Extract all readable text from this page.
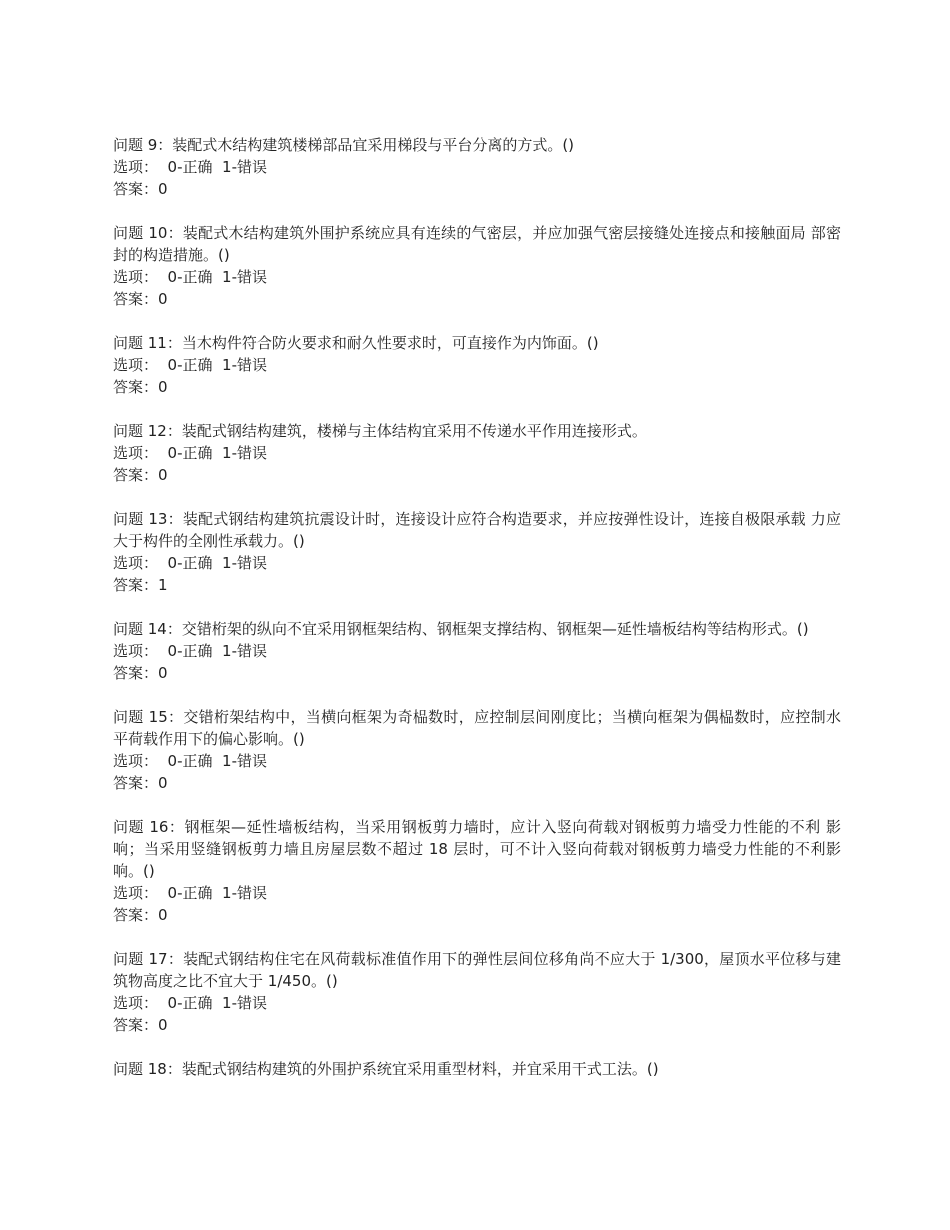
问题 9：装配式木结构建筑楼梯部品宜采用梯段与平台分离的方式。()
选项：  0-正确  1-错误
答案：0
问题 10：装配式木结构建筑外围护系统应具有连续的气密层，并应加强气密层接缝处连接点和接触面局 部密封的构造措施。()
选项：  0-正确  1-错误
答案：0
问题 11：当木构件符合防火要求和耐久性要求时，可直接作为内饰面。()
选项：  0-正确  1-错误
答案：0
问题 12：装配式钢结构建筑，楼梯与主体结构宜采用不传递水平作用连接形式。
选项：  0-正确  1-错误
答案：0
问题 13：装配式钢结构建筑抗震设计时，连接设计应符合构造要求，并应按弹性设计，连接自极限承载 力应大于构件的全刚性承载力。()
选项：  0-正确  1-错误
答案：1
问题 14：交错桁架的纵向不宜采用钢框架结构、钢框架支撑结构、钢框架—延性墙板结构等结构形式。()
选项：  0-正确  1-错误
答案：0
问题 15：交错桁架结构中，当横向框架为奇榀数时，应控制层间刚度比；当横向框架为偶榀数时，应控制水平荷载作用下的偏心影响。()
选项：  0-正确  1-错误
答案：0
问题 16：钢框架—延性墙板结构，当采用钢板剪力墙时，应计入竖向荷载对钢板剪力墙受力性能的不利 影响；当采用竖缝钢板剪力墙且房屋层数不超过 18 层时，可不计入竖向荷载对钢板剪力墙受力性能的不利影响。()
选项：  0-正确  1-错误
答案：0
问题 17：装配式钢结构住宅在风荷载标准值作用下的弹性层间位移角尚不应大于 1/300，屋顶水平位移与建筑物高度之比不宜大于 1/450。()
选项：  0-正确  1-错误
答案：0
问题 18：装配式钢结构建筑的外围护系统宜采用重型材料，并宜采用干式工法。()
